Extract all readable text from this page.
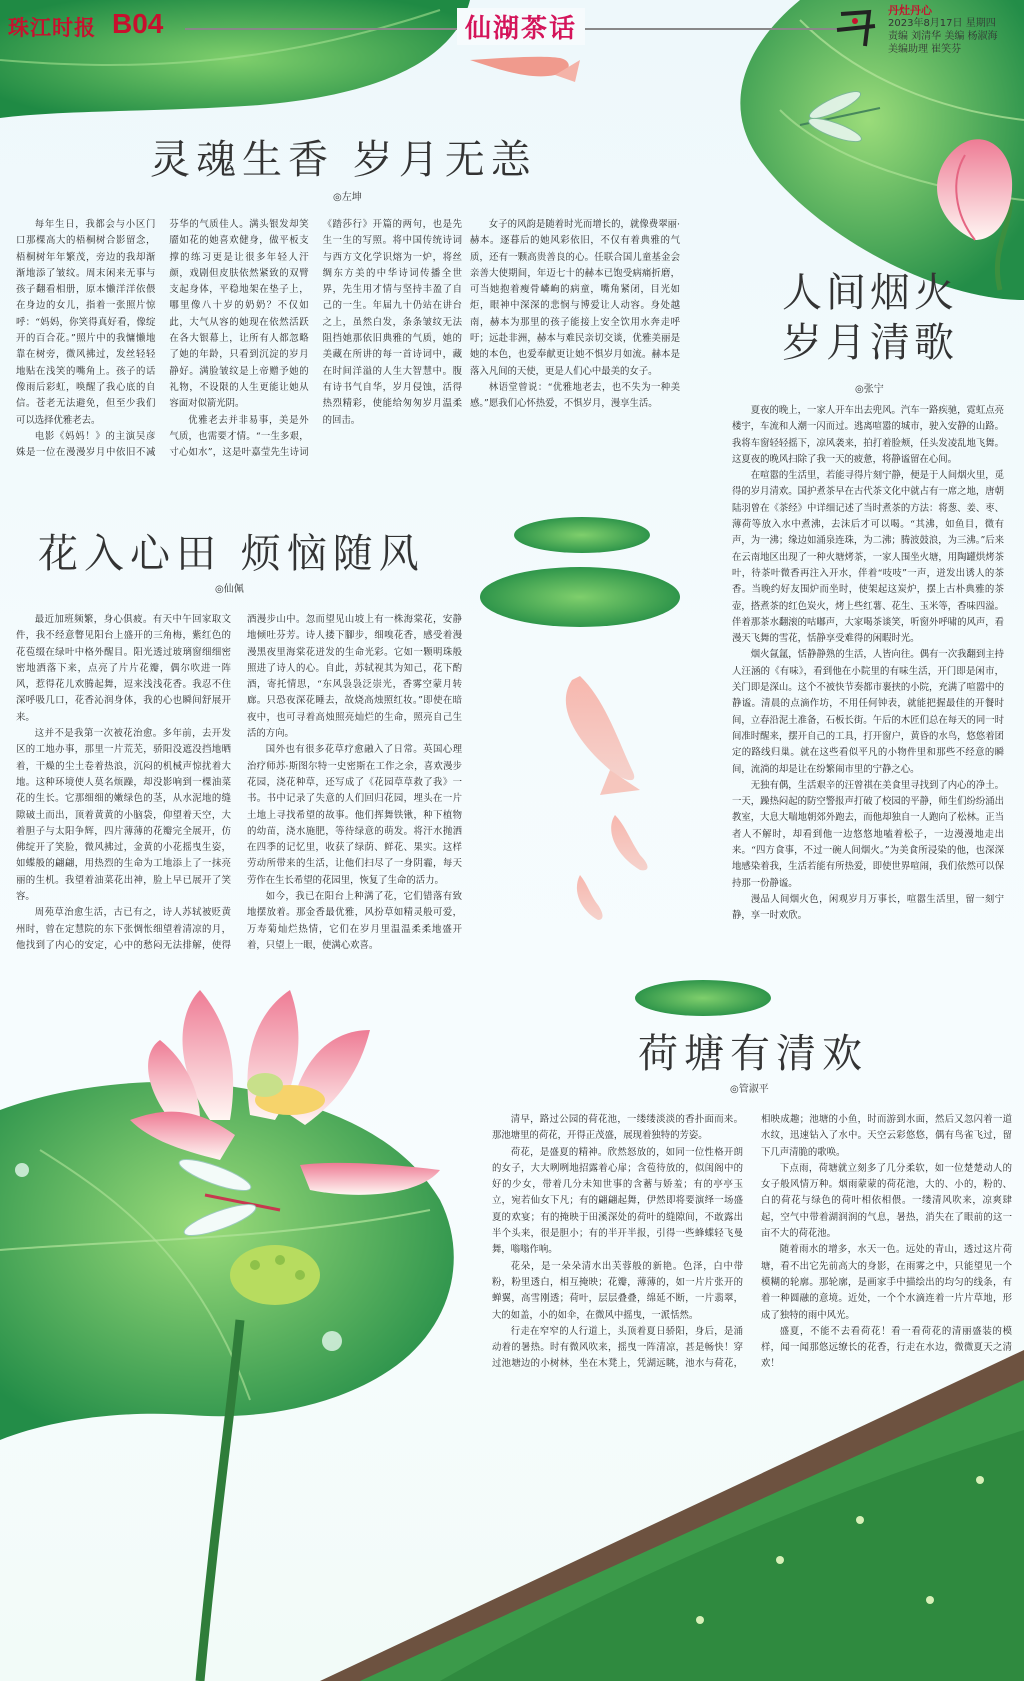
珠江时报 B04	仙湖茶话
丹灶丹心
2023年8月17日 星期四
责编 刘清华 美编 杨淑海
美编助理 崔笑芬
灵魂生香 岁月无恙
◎ 左坤

每年生日，我都会与小区门口那棵高大的梧桐树合影留念，梧桐树年年繁茂，旁边的我却渐渐地添了皱纹。周末闲来无事与孩子翻看相册，原本懒洋洋依偎在身边的女儿，指着一张照片惊呼：“妈妈，你笑得真好看，像绽开的百合花。”照片中的我慵懒地靠在树旁，微风拂过，发丝轻轻地贴在浅笑的嘴角上。孩子的话像雨后彩虹，唤醒了我心底的自信。苍老无法避免，但至少我们可以选择优雅老去。

电影《妈妈！》的主演吴彦姝是一位在漫漫岁月中依旧不减芬华的气质佳人。满头银发却笑靥如花的她喜欢健身，做平板支撑的练习更是让很多年轻人汗颜，戏剧但皮肤依然紧致的双臂支起身体，平稳地架在垫子上，哪里像八十岁的奶奶？不仅如此，大气从容的她现在依然活跃在各大银幕上，让所有人都忽略了她的年龄，只看到沉淀的岁月静好。满脸皱纹是上帝赠予她的礼物，不设限的人生更能让她从容面对似箭光阴。

优雅老去并非易事，美是外气质，也需要才情。“一生多艰，寸心如水”，这是叶嘉莹先生诗词《踏莎行》开篇的两句，也是先生一生的写照。将中国传统诗词与西方文化学识熔为一炉，将丝绸东方美的中华诗词传播全世界，先生用才情与坚持丰盈了自己的一生。年届九十仍站在讲台之上，虽然白发，条条皱纹无法阻挡她那依旧典雅的气质，她的美藏在所讲的每一首诗词中，藏在时间洋溢的人生大智慧中。腹有诗书气自华，岁月侵蚀，活得热烈精彩，使能给匆匆岁月温柔的回击。

女子的风韵是随着时光而增长的，就像费翠丽·赫本。逐暮后的她风彩依旧，不仅有着典雅的气质，还有一颗高贵善良的心。任联合国儿童基金会亲善大使期间，年迈七十的赫本已饱受病痛折磨，可当她抱着瘦骨嶙峋的病童，嘴角紧闭，目光如炬，眼神中深深的悲悯与博爱让人动容。身处越南，赫本为那里的孩子能接上安全饮用水奔走呼吁；远赴非洲，赫本与难民亲切交谈，优雅美丽是她的本色，也爱奉献更让她不惧岁月如流。赫本是落入凡间的天使，更是人们心中最美的女子。

林语堂曾说：“优雅地老去，也不失为一种美感。”愿我们心怀热爱，不惧岁月，漫享生活。

花入心田 烦恼随风
◎ 仙佩

最近加班频繁，身心俱疲。有天中午回家取文件，我不经意瞥见阳台上盛开的三角梅，紫红色的花苞缀在绿叶中格外醒目。阳光透过玻璃窗细细密密地洒落下来，点亮了片片花瓣，偶尔吹进一阵风，惹得花儿欢腾起舞，逗来浅浅花香。我忍不住深呼吸几口，花香沁润身体，我的心也瞬间舒展开来。

这并不是我第一次被花治愈。多年前，去开发区的工地办事，那里一片荒芜，骄阳没遮没挡地晒着，干燥的尘土卷着热浪，沉闷的机械声惊扰着大地。这种环境使人莫名烦躁，却没影响到一棵油菜花的生长。它那细细的嫩绿色的茎，从水泥地的缝隙破土而出，顶着黄黄的小脑袋，仰望着天空，大着胆子与太阳争辉，四片薄薄的花瓣完全展开，仿佛绽开了笑脸，微风拂过，金黄的小花摇曳生姿，如蝶般的翩翩，用热烈的生命为工地添上了一抹亮丽的生机。我望着油菜花出神，脸上早已展开了笑容。

周苑草治愈生活，古已有之，诗人苏轼被贬黄州时，曾在定慧院的东下张惆怅细望着清凉的月，他找到了内心的安定，心中的愁闷无法排解，使得酒漫步山中。忽而望见山坡上有一株海棠花，安静地倾吐芬芳。诗人搂下腳步，细嗅花香，感受着漫漫黑夜里海棠花迸发的生命光彩。它如一颗明珠般照进了诗人的心。自此，苏轼视其为知己，花下酌酒，寄托情思，“东风袅袅泛崇光，香雾空蒙月转廊。只恐夜深花睡去，故烧高烛照红妆。”即使在暗夜中，也可寻着高烛照亮灿烂的生命，照亮自己生活的方向。

国外也有很多花草疗愈融入了日常。英国心理治疗师苏·斯图尔特一史密斯在工作之余，喜欢漫步花园，浇花种草，还写成了《花园草草救了我》一书。书中记录了失意的人们回归花园，埋头在一片土地上寻找希望的故事。他们挥舞铁锹，种下植物的幼苗，浇水施肥，等待绿意的萌发。将汗水抛洒在四季的记忆里，收获了绿荫、鲜花、果实。这样劳动所带来的生活，让他们扫尽了一身阴霾，每天劳作在生长希望的花园里，恢复了生命的活力。

如今，我已在阳台上种满了花，它们错落有致地摆放着。那金香最优雅，风扮草如精灵般可爱，万寿菊灿烂热情，它们在岁月里温温柔柔地盛开着，只望上一眼，使满心欢喜。

人间烟火 岁月清歌
◎ 张宁

夏夜的晚上，一家人开车出去兜风。汽车一路疾驰，霓虹点亮楼宇，车流和人潮一闪而过。逃离喧嚣的城市，驶入安静的山路。我将车窗轻轻摇下，凉风袭来，拍打着脸颊，任头发凌乱地飞舞。这夏夜的晚风扫除了我一天的疲惫，将静谧留在心间。

在喧嚣的生活里，若能寻得片刻宁静，便是于人间烟火里，觅得的岁月清欢。国护煮茶早在古代茶文化中就占有一席之地，唐朝陆羽曾在《茶经》中详细记述了当时煮茶的方法：将葱、姜、枣、薄荷等放入水中煮沸，去沫后才可以喝。“其沸，如鱼目，微有声，为一沸；缘边如涌泉连珠，为二沸；腾波鼓浪，为三沸。”后来在云南地区出现了一种火塘烤茶，一家人围坐火塘，用陶罐烘烤茶叶，待茶叶微香再注入开水，伴着“吱吱”一声，迸发出诱人的茶香。当晚约好友围炉而坐时，使架起这炭炉，摆上古朴典雅的茶壶，搭煮茶的红色炭火，烤上些红薯、花生、玉米等，香味四溢。伴着那茶水翻滚的咕嘟声，大家喝茶谈笑，听窗外呼啸的风声，看漫天飞舞的雪花，恬静享受难得的闲暇时光。

烟火氤氲，恬静静熟的生活，人皆向往。偶有一次我翻到主持人汪涵的《有味》，看到他在小院里的有味生活，开门即是闲市，关门即是深山。这个不被快节奏都市裹挟的小院，充满了喧嚣中的静谧。清晨的点滴作坊，不用任何钟表，就能把握最佳的开餐时间，立春沿泥土准备，石板长街。午后的木匠们总在每天的同一时间准时醒来，摆开自己的工具，打开窗户，黄昏的水鸟，悠悠着团定的路线归巢。就在这些看似平凡的小物件里和那些不经意的瞬间，流淌的却是让在纷繁闹市里的宁静之心。

无独有偶，生活艰辛的汪曾祺在美食里寻找到了内心的净土。一天，躁热闷起的防空警报声打破了校园的平静，师生们纷纷涌出教室，大息大喘地朝郊外跑去，而他却独自一人跑向了松林。正当者人不解时，却看到他一边悠悠地嗑着松子，一边漫漫地走出来。“四方食事，不过一碗人间烟火。”为美食所浸染的他，也深深地感染着我，生活若能有所热爱，即使世界喧闹，我们依然可以保持那一份静谧。

漫品人间烟火色，闲观岁月万事长，喧嚣生活里，留一刻宁静，享一时欢欣。

荷塘有清欢
◎ 管淑平

清早，路过公园的荷花池，一缕缕淡淡的香扑面而来。那池塘里的荷花，开得正茂盛，展现着独特的芳姿。

荷花，是盛夏的精神。欣然怒放的，如同一位性格开朗的女子，大大咧咧地招露着心扉；含苞待放的，似闺阁中的好的少女，带着几分未知世事的含蓄与娇羞；有的亭亭玉立，宛若仙女下凡；有的翩翩起舞，伊然即将要演绎一场盛夏的欢宴；有的掩映于田溪深处的荷叶的缝隙间，不敢露出半个头来，很是胆小；有的半开半报，引得一些蜂蝶轻飞曼舞，嗡嗡作响。

花朵，是一朵朵清水出芙蓉般的新艳。色泽，白中带粉，粉里透白，相互掩映；花瓣，薄薄的，如一片片张开的蝉翼，高雪刚透；荷叶，层层叠叠，绵延不断，一片翡翠，大的如盖，小的如伞，在微风中摇曳，一派恬然。

行走在窄窄的人行道上，头顶着夏日骄阳，身后，是涌动着的暑热。时有微风吹来，摇曳一阵清凉，甚是畅快！穿过池塘边的小树林，坐在木凳上，凭湖远眺，池水与荷花，相映成趣；池塘的小鱼，时而游到水面，然后又忽闪着一道水纹，迅速钻入了水中。天空云彩悠悠，偶有鸟雀飞过，留下几声清脆的歌唤。

下点雨，荷塘就立刻多了几分柔软，如一位楚楚动人的女子般风情万种。烟雨蒙蒙的荷花池，大的、小的，粉的、白的荷花与绿色的荷叶相依相偎。一缕清风吹来，凉爽肆起，空气中带着湖润润的气息，暑热，消失在了眼前的这一亩不大的荷花池。

随着雨水的增多，水天一色。远处的青山，透过这片荷塘，看不出它先前高大的身影，在雨雾之中，只能望见一个模糊的轮廓。那轮廓，是画家手中描绘出的均匀的线条，有着一种圆融的意境。近处，一个个水滴连着一片片草地，形成了独特的雨中风光。

盛夏，不能不去看荷花！看一看荷花的清丽盛装的模样，闻一闻那悠远缭长的花香，行走在水边，微微夏天之清欢！
